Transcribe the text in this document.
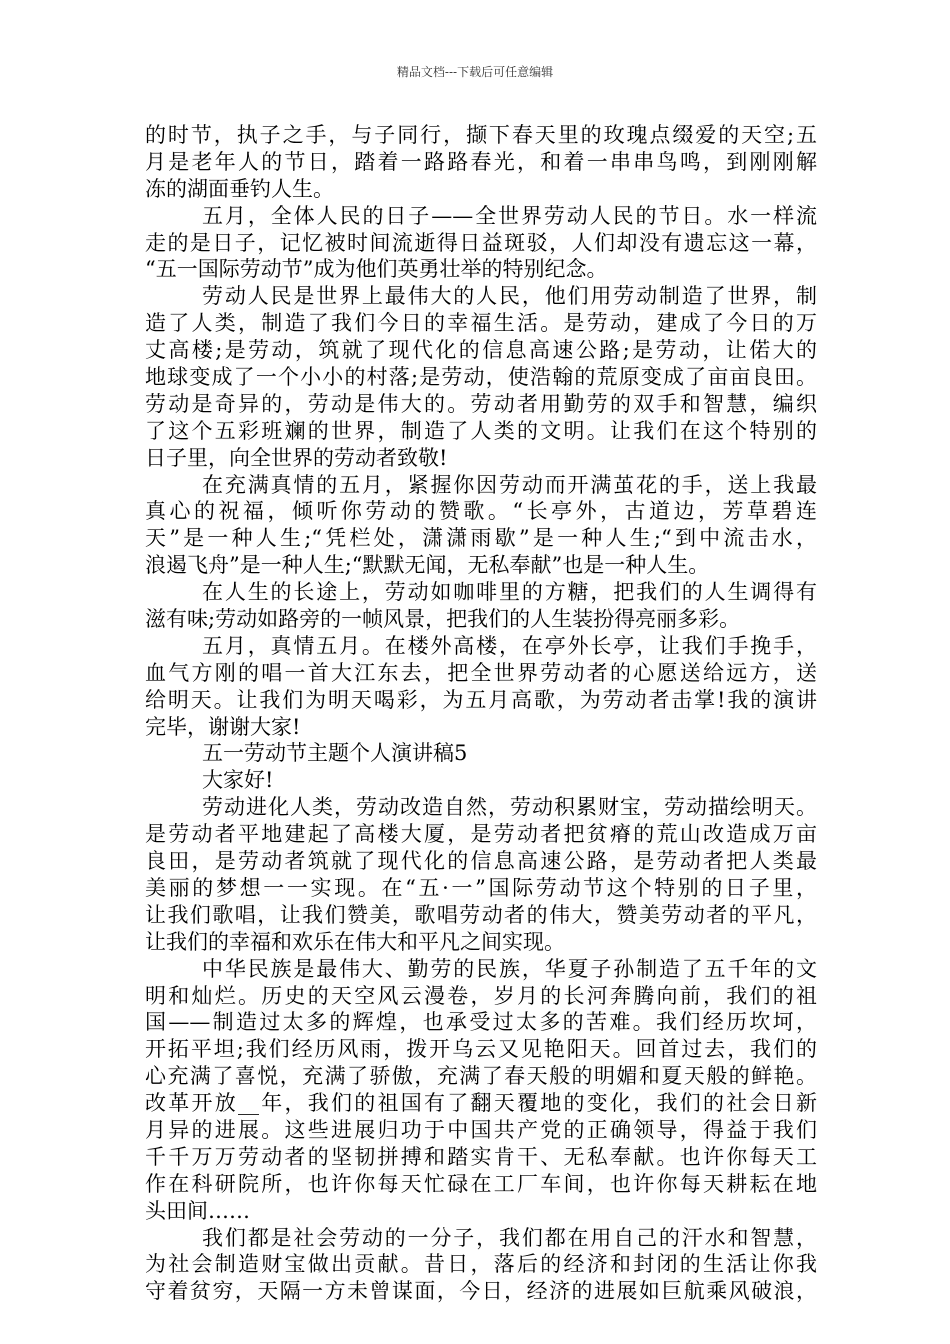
精品文档---下载后可任意编辑
的时节，执子之手，与子同行，撷下春天里的玫瑰点缀爱的天空;五
月是老年人的节日，踏着一路路春光，和着一串串鸟鸣，到刚刚解
冻的湖面垂钓人生。
五月，全体人民的日子——全世界劳动人民的节日。水一样流
走的是日子，记忆被时间流逝得日益斑驳，人们却没有遗忘这一幕，
“五一国际劳动节”成为他们英勇壮举的特别纪念。
劳动人民是世界上最伟大的人民，他们用劳动制造了世界，制
造了人类，制造了我们今日的幸福生活。是劳动，建成了今日的万
丈高楼;是劳动，筑就了现代化的信息高速公路;是劳动，让偌大的
地球变成了一个小小的村落;是劳动，使浩翰的荒原变成了亩亩良田。
劳动是奇异的，劳动是伟大的。劳动者用勤劳的双手和智慧，编织
了这个五彩班斓的世界，制造了人类的文明。让我们在这个特别的
日子里，向全世界的劳动者致敬!
在充满真情的五月，紧握你因劳动而开满茧花的手，送上我最
真心的祝福，倾听你劳动的赞歌。“长亭外，古道边，芳草碧连
天”是一种人生;“凭栏处，潇潇雨歇”是一种人生;“到中流击水，
浪遏飞舟”是一种人生;“默默无闻，无私奉献”也是一种人生。
在人生的长途上，劳动如咖啡里的方糖，把我们的人生调得有
滋有味;劳动如路旁的一帧风景，把我们的人生装扮得亮丽多彩。
五月，真情五月。在楼外高楼，在亭外长亭，让我们手挽手，
血气方刚的唱一首大江东去，把全世界劳动者的心愿送给远方，送
给明天。让我们为明天喝彩，为五月高歌，为劳动者击掌!我的演讲
完毕，谢谢大家!
五一劳动节主题个人演讲稿5
大家好!
劳动进化人类，劳动改造自然，劳动积累财宝，劳动描绘明天。
是劳动者平地建起了高楼大厦，是劳动者把贫瘠的荒山改造成万亩
良田，是劳动者筑就了现代化的信息高速公路，是劳动者把人类最
美丽的梦想一一实现。在“五·一”国际劳动节这个特别的日子里，
让我们歌唱，让我们赞美，歌唱劳动者的伟大，赞美劳动者的平凡，
让我们的幸福和欢乐在伟大和平凡之间实现。
中华民族是最伟大、勤劳的民族，华夏子孙制造了五千年的文
明和灿烂。历史的天空风云漫卷，岁月的长河奔腾向前，我们的祖
国——制造过太多的辉煌，也承受过太多的苦难。我们经历坎坷，
开拓平坦;我们经历风雨，拨开乌云又见艳阳天。回首过去，我们的
心充满了喜悦，充满了骄傲，充满了春天般的明媚和夏天般的鲜艳。
改革开放__年，我们的祖国有了翻天覆地的变化，我们的社会日新
月异的进展。这些进展归功于中国共产党的正确领导，得益于我们
千千万万劳动者的坚韧拼搏和踏实肯干、无私奉献。也许你每天工
作在科研院所，也许你每天忙碌在工厂车间，也许你每天耕耘在地
头田间……
我们都是社会劳动的一分子，我们都在用自己的汗水和智慧，
为社会制造财宝做出贡献。昔日，落后的经济和封闭的生活让你我
守着贫穷，天隔一方未曾谋面，今日，经济的进展如巨航乘风破浪，
